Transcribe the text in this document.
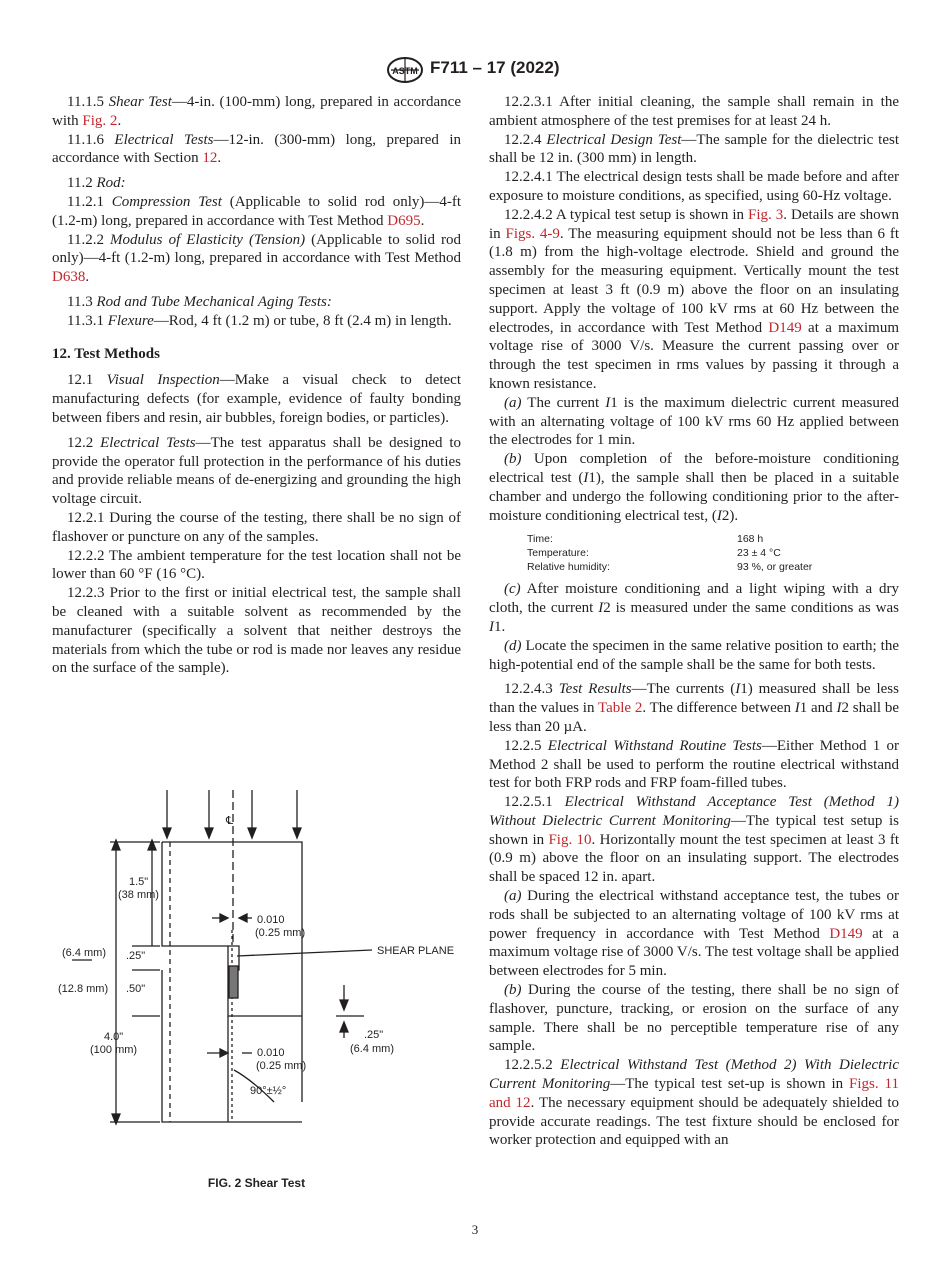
ASTM F711 – 17 (2022)

11.1.5 Shear Test—4-in. (100-mm) long, prepared in accordance with Fig. 2.

11.1.6 Electrical Tests—12-in. (300-mm) long, prepared in accordance with Section 12.

11.2 Rod:

11.2.1 Compression Test (Applicable to solid rod only)—4-ft (1.2-m) long, prepared in accordance with Test Method D695.

11.2.2 Modulus of Elasticity (Tension) (Applicable to solid rod only)—4-ft (1.2-m) long, prepared in accordance with Test Method D638.

11.3 Rod and Tube Mechanical Aging Tests:

11.3.1 Flexure—Rod, 4 ft (1.2 m) or tube, 8 ft (2.4 m) in length.

12. Test Methods

12.1 Visual Inspection—Make a visual check to detect manufacturing defects (for example, evidence of faulty bonding between fibers and resin, air bubbles, foreign bodies, or particles).

12.2 Electrical Tests—The test apparatus shall be designed to provide the operator full protection in the performance of his duties and provide reliable means of de-energizing and grounding the high voltage circuit.

12.2.1 During the course of the testing, there shall be no sign of flashover or puncture on any of the samples.

12.2.2 The ambient temperature for the test location shall not be lower than 60 °F (16 °C).

12.2.3 Prior to the first or initial electrical test, the sample shall be cleaned with a suitable solvent as recommended by the manufacturer (specifically a solvent that neither destroys the materials from which the tube or rod is made nor leaves any residue on the surface of the sample).

℄
1.5"
(38 mm)
0.010
(0.25 mm)
(6.4 mm) .25"	SHEAR PLANE
(12.8 mm) .50"
4.0"
(100 mm)
.25"
(6.4 mm)
0.010
(0.25 mm)
90°±½°
FIG. 2 Shear Test

12.2.3.1 After initial cleaning, the sample shall remain in the ambient atmosphere of the test premises for at least 24 h.

12.2.4 Electrical Design Test—The sample for the dielectric test shall be 12 in. (300 mm) in length.

12.2.4.1 The electrical design tests shall be made before and after exposure to moisture conditions, as specified, using 60-Hz voltage.

12.2.4.2 A typical test setup is shown in Fig. 3. Details are shown in Figs. 4-9. The measuring equipment should not be less than 6 ft (1.8 m) from the high-voltage electrode. Shield and ground the assembly for the measuring equipment. Vertically mount the test specimen at least 3 ft (0.9 m) above the floor on an insulating support. Apply the voltage of 100 kV rms at 60 Hz between the electrodes, in accordance with Test Method D149 at a maximum voltage rise of 3000 V/s. Measure the current passing over or through the test specimen in rms values by passing it through a known resistance.

(a) The current I1 is the maximum dielectric current measured with an alternating voltage of 100 kV rms 60 Hz applied between the electrodes for 1 min.

(b) Upon completion of the before-moisture conditioning electrical test (I1), the sample shall then be placed in a suitable chamber and undergo the following conditioning prior to the after-moisture conditioning electrical test, (I2).

Time:	168 h
Temperature:	23 ± 4 °C
Relative humidity:	93 %, or greater

(c) After moisture conditioning and a light wiping with a dry cloth, the current I2 is measured under the same conditions as was I1.

(d) Locate the specimen in the same relative position to earth; the high-potential end of the sample shall be the same for both tests.

12.2.4.3 Test Results—The currents (I1) measured shall be less than the values in Table 2. The difference between I1 and I2 shall be less than 20 µA.

12.2.5 Electrical Withstand Routine Tests—Either Method 1 or Method 2 shall be used to perform the routine electrical withstand test for both FRP rods and FRP foam-filled tubes.

12.2.5.1 Electrical Withstand Acceptance Test (Method 1) Without Dielectric Current Monitoring—The typical test setup is shown in Fig. 10. Horizontally mount the test specimen at least 3 ft (0.9 m) above the floor on an insulating support. The electrodes shall be spaced 12 in. apart.

(a) During the electrical withstand acceptance test, the tubes or rods shall be subjected to an alternating voltage of 100 kV rms at power frequency in accordance with Test Method D149 at a maximum voltage rise of 3000 V/s. The test voltage shall be applied between electrodes for 5 min.

(b) During the course of the testing, there shall be no sign of flashover, puncture, tracking, or erosion on the surface of any sample. There shall be no perceptible temperature rise of any sample.

12.2.5.2 Electrical Withstand Test (Method 2) With Dielectric Current Monitoring—The typical test set-up is shown in Figs. 11 and 12. The necessary equipment should be adequately shielded to provide accurate readings. The test fixture should be enclosed for worker protection and equipped with an

3
